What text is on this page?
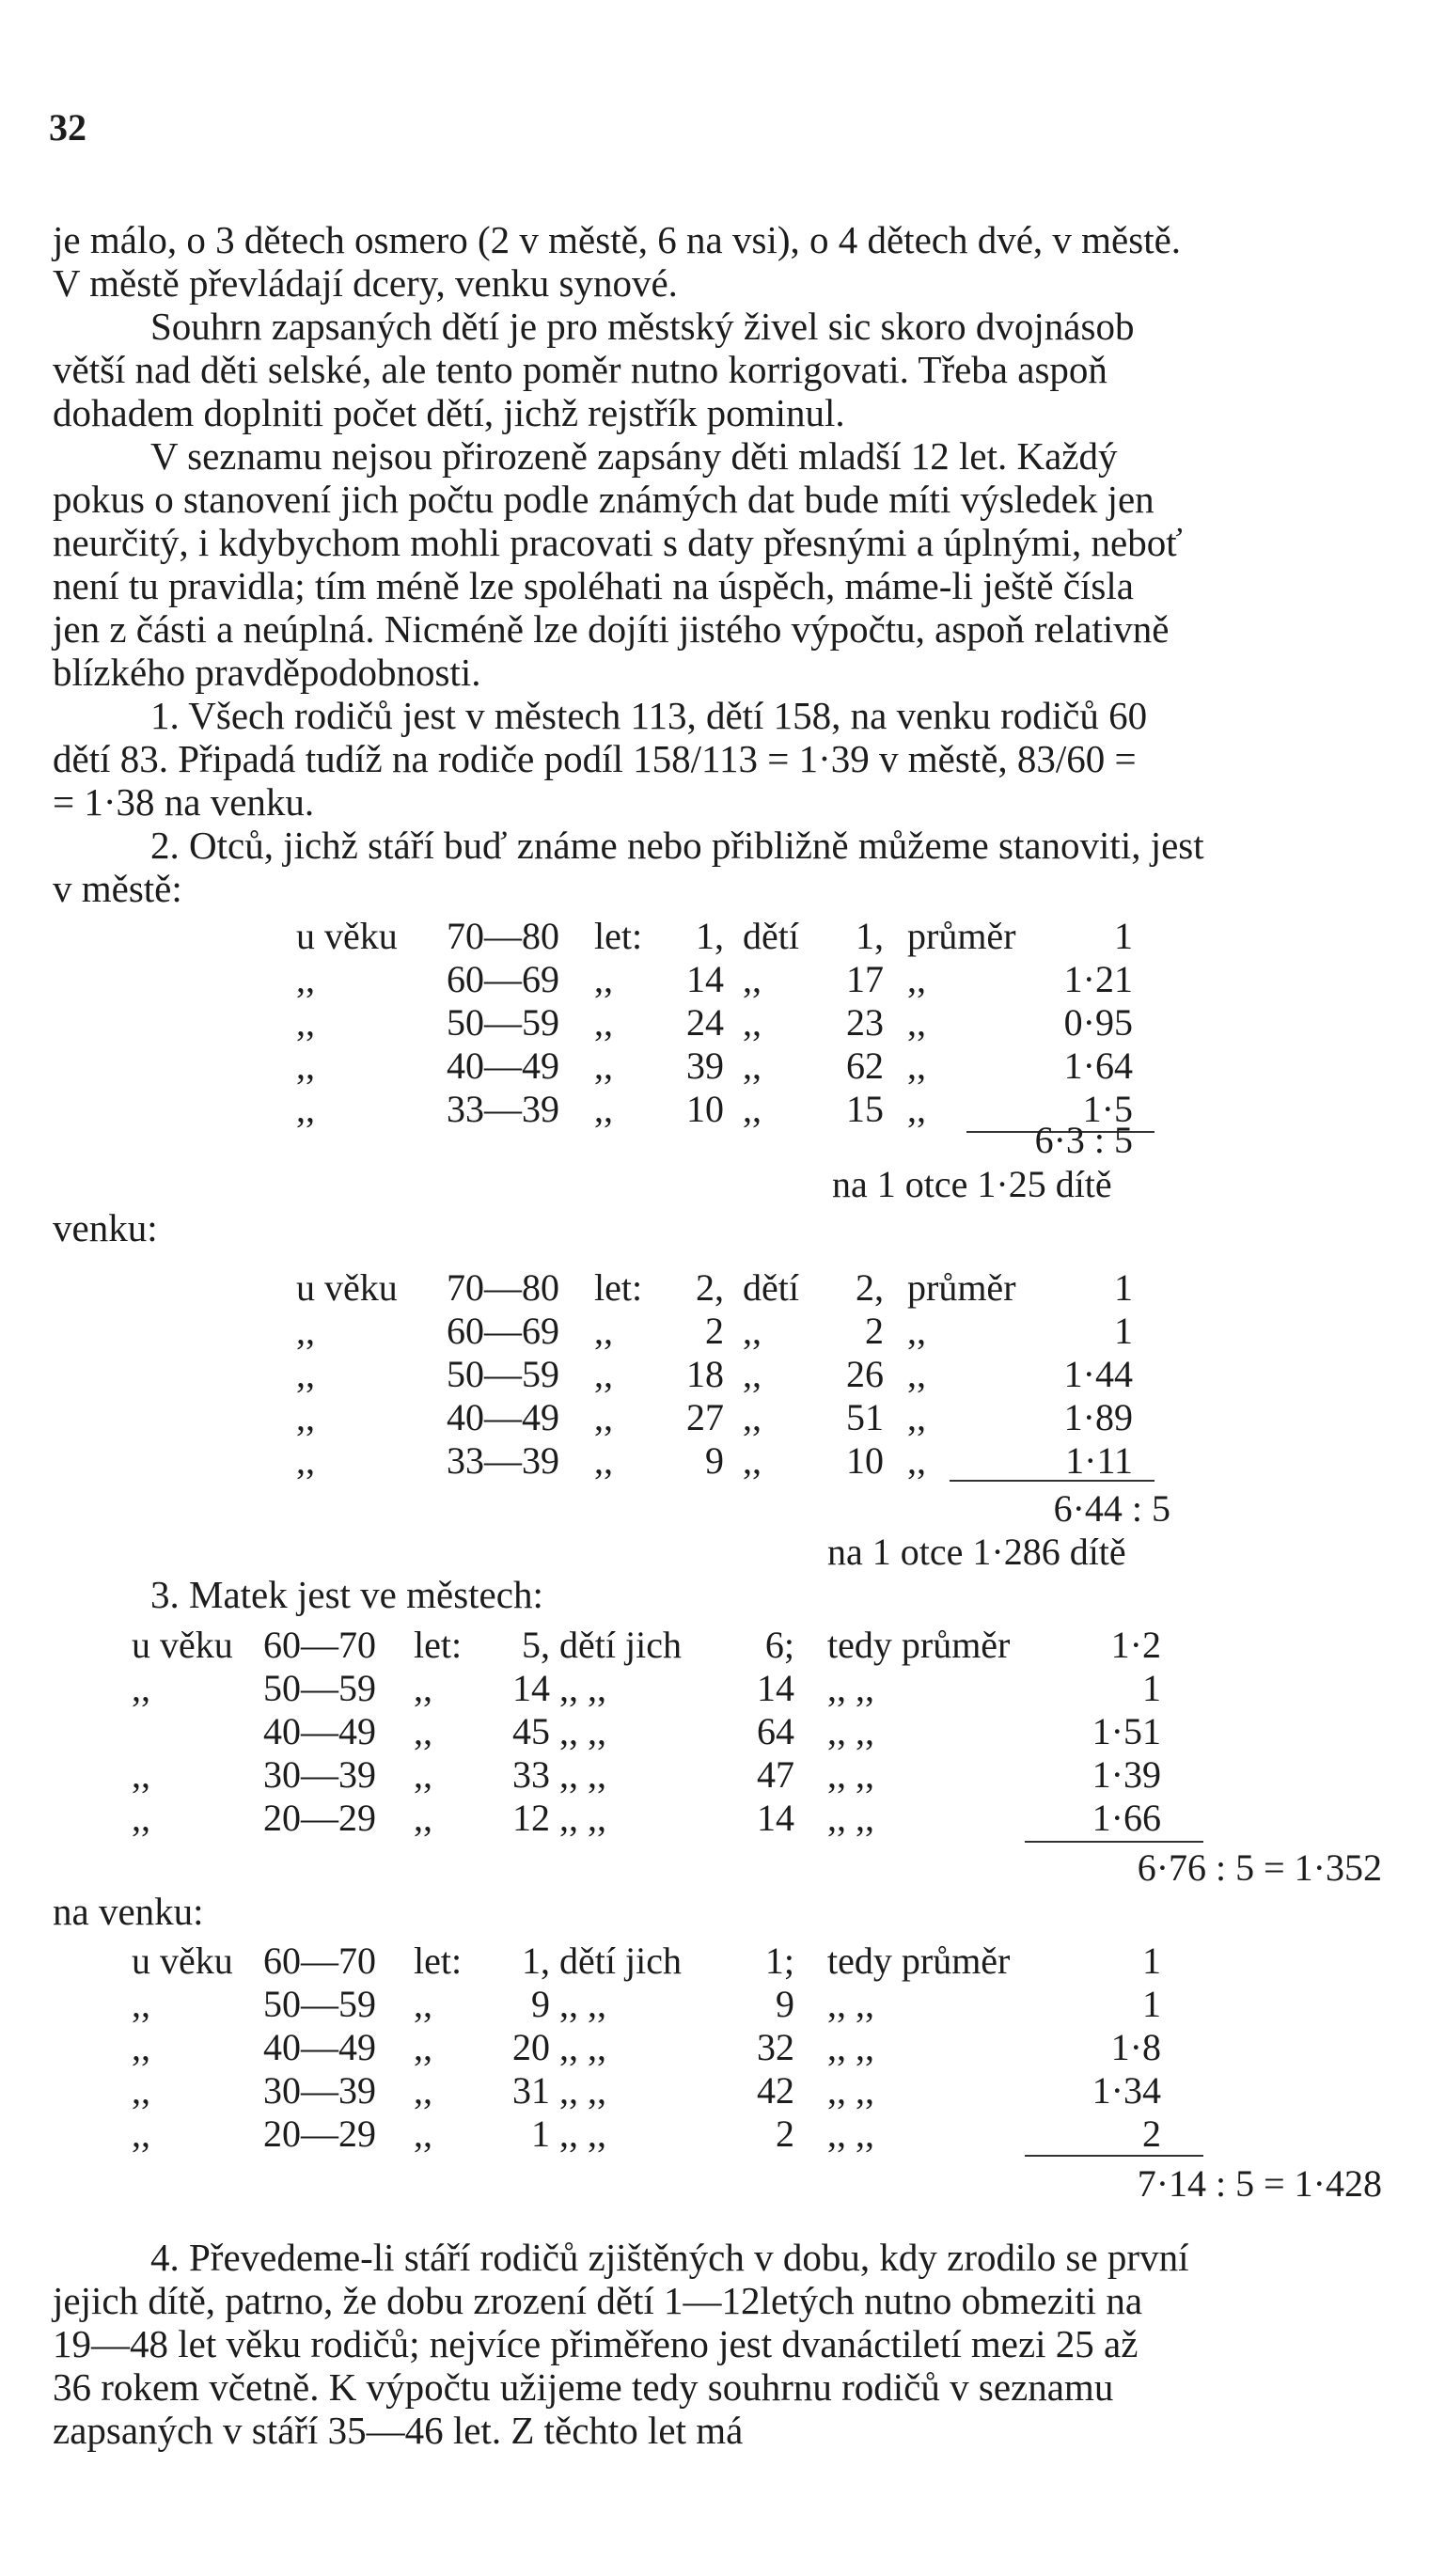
32
je málo, o 3 dětech osmero (2 v městě, 6 na vsi), o 4 dětech dvé, v městě.
V městě převládají dcery, venku synové.
Souhrn zapsaných dětí je pro městský živel sic skoro dvojnásob
větší nad děti selské, ale tento poměr nutno korrigovati. Třeba aspoň
dohadem doplniti počet dětí, jichž rejstřík pominul.
V seznamu nejsou přirozeně zapsány děti mladší 12 let. Každý
pokus o stanovení jich počtu podle známých dat bude míti výsledek jen
neurčitý, i kdybychom mohli pracovati s daty přesnými a úplnými, neboť
není tu pravidla; tím méně lze spoléhati na úspěch, máme-li ještě čísla
jen z části a neúplná. Nicméně lze dojíti jistého výpočtu, aspoň relativně
blízkého pravděpodobnosti.
1. Všech rodičů jest v městech 113, dětí 158, na venku rodičů 60
dětí 83. Připadá tudíž na rodiče podíl 158/113 = 1·39 v městě, 83/60 =
= 1·38 na venku.
2. Otců, jichž stáří buď známe nebo přibližně můžeme stanoviti, jest
v městě:
u věku 70—80 let:	1, dětí	1, průměr	1
,,	60—69 ,,	14 ,,	17 ,,	1·21
,,	50—59 ,,	24 ,,	23 ,,	0·95
,,	40—49 ,,	39 ,,	62 ,,	1·64
,,	33—39 ,,	10 ,,	15 ,,	1·5
6·3 : 5
na 1 otce 1·25 dítě
venku:
u věku 70—80 let:	2, dětí	2, průměr	1
,,	60—69 ,,	2 ,,	2 ,,	1
,,	50—59 ,,	18 ,,	26 ,,	1·44
,,	40—49 ,,	27 ,,	51 ,,	1·89
,,	33—39 ,,	9 ,,	10 ,,	1·11
6·44 : 5
na 1 otce 1·286 dítě
3. Matek jest ve městech:
u věku 60—70 let:	5, dětí jich	6; tedy průměr	1·2
,,	50—59 ,,	14 ,, ,,	14 ,, ,,	1
40—49 ,,	45 ,, ,,	64 ,, ,,	1·51
,,	30—39 ,,	33 ,, ,,	47 ,, ,,	1·39
,,	20—29 ,,	12 ,, ,,	14 ,, ,,	1·66
6·76 : 5 = 1·352
na venku:
u věku 60—70 let:	1, dětí jich	1; tedy průměr	1
,,	50—59 ,,	9 ,, ,,	9 ,, ,,	1
,,	40—49 ,,	20 ,, ,,	32 ,, ,,	1·8
,,	30—39 ,,	31 ,, ,,	42 ,, ,,	1·34
,,	20—29 ,,	1 ,, ,,	2 ,, ,,	2
7·14 : 5 = 1·428
4. Převedeme-li stáří rodičů zjištěných v dobu, kdy zrodilo se první
jejich dítě, patrno, že dobu zrození dětí 1—12letých nutno obmeziti na
19—48 let věku rodičů; nejvíce přiměřeno jest dvanáctiletí mezi 25 až
36 rokem včetně. K výpočtu užijeme tedy souhrnu rodičů v seznamu
zapsaných v stáří 35—46 let. Z těchto let má
